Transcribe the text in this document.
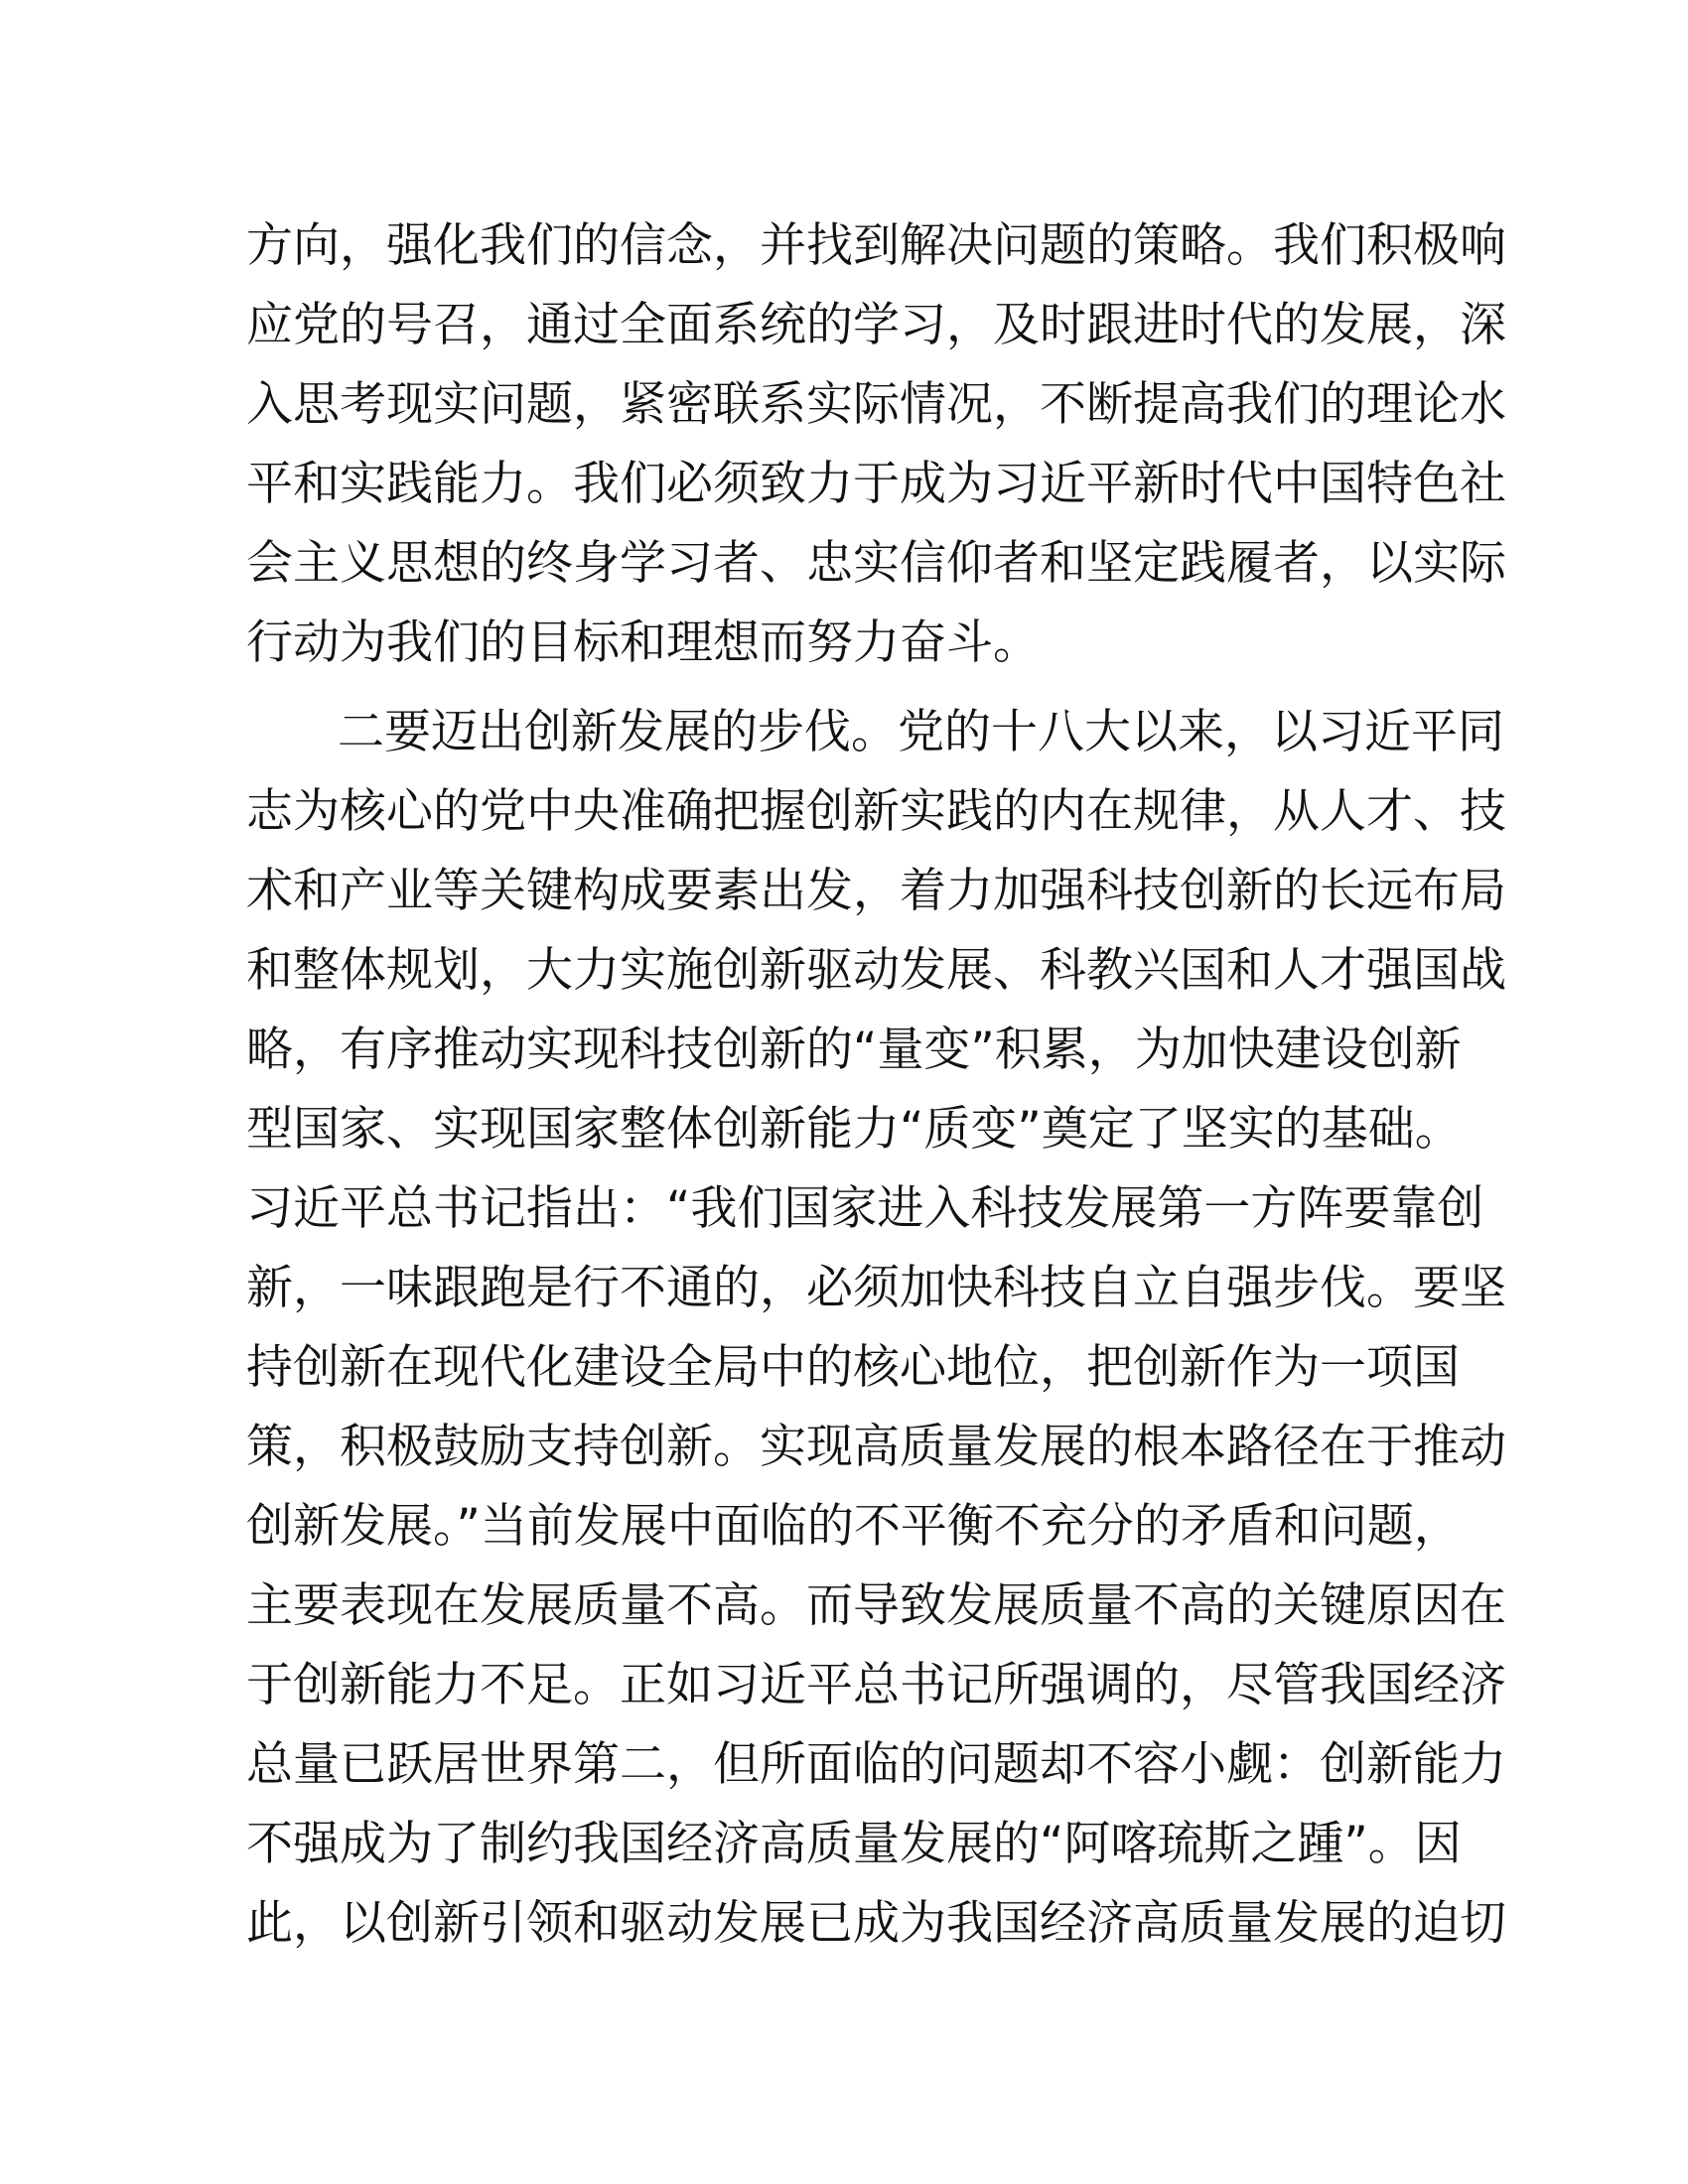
方向，强化我们的信念，并找到解决问题的策略。我们积极响
应党的号召，通过全面系统的学习，及时跟进时代的发展，深
入思考现实问题，紧密联系实际情况，不断提高我们的理论水
平和实践能力。我们必须致力于成为习近平新时代中国特色社
会主义思想的终身学习者、忠实信仰者和坚定践履者，以实际
行动为我们的目标和理想而努力奋斗。
二要迈出创新发展的步伐。党的十八大以来，以习近平同
志为核心的党中央准确把握创新实践的内在规律，从人才、技
术和产业等关键构成要素出发，着力加强科技创新的长远布局
和整体规划，大力实施创新驱动发展、科教兴国和人才强国战
略，有序推动实现科技创新的“量变”积累，为加快建设创新
型国家、实现国家整体创新能力“质变”奠定了坚实的基础。
习近平总书记指出：“我们国家进入科技发展第一方阵要靠创
新，一味跟跑是行不通的，必须加快科技自立自强步伐。要坚
持创新在现代化建设全局中的核心地位，把创新作为一项国
策，积极鼓励支持创新。实现高质量发展的根本路径在于推动
创新发展。”当前发展中面临的不平衡不充分的矛盾和问题，
主要表现在发展质量不高。而导致发展质量不高的关键原因在
于创新能力不足。正如习近平总书记所强调的，尽管我国经济
总量已跃居世界第二，但所面临的问题却不容小觑：创新能力
不强成为了制约我国经济高质量发展的“阿喀琉斯之踵”。因
此，以创新引领和驱动发展已成为我国经济高质量发展的迫切
